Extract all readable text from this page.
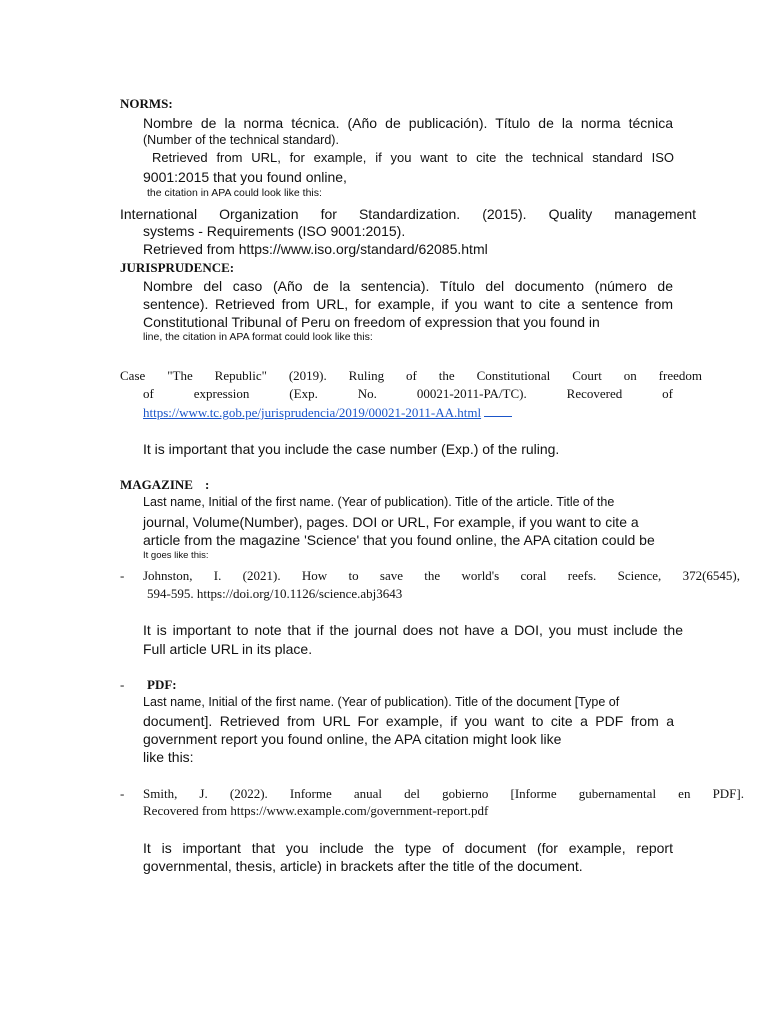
NORMS:
Nombre de la norma técnica. (Año de publicación). Título de la norma técnica
(Number of the technical standard).
Retrieved from URL, for example, if you want to cite the technical standard ISO
9001:2015 that you found online,
the citation in APA could look like this:
International Organization for Standardization. (2015). Quality management
systems - Requirements (ISO 9001:2015).
Retrieved from https://www.iso.org/standard/62085.html
JURISPRUDENCE:
Nombre del caso (Año de la sentencia). Título del documento (número de
sentence). Retrieved from URL, for example, if you want to cite a sentence from
Constitutional Tribunal of Peru on freedom of expression that you found in
line, the citation in APA format could look like this:
Case "The Republic" (2019). Ruling of the Constitutional Court on freedom
of expression (Exp. No. 00021-2011-PA/TC). Recovered of
https://www.tc.gob.pe/jurisprudencia/2019/00021-2011-AA.html
It is important that you include the case number (Exp.) of the ruling.
MAGAZINE :
Last name, Initial of the first name. (Year of publication). Title of the article. Title of the
journal, Volume(Number), pages. DOI or URL, For example, if you want to cite a
article from the magazine 'Science' that you found online, the APA citation could be
It goes like this:
- Johnston, I. (2021). How to save the world's coral reefs. Science, 372(6545),
594-595. https://doi.org/10.1126/science.abj3643
It is important to note that if the journal does not have a DOI, you must include the
Full article URL in its place.
- PDF:
Last name, Initial of the first name. (Year of publication). Title of the document [Type of
document]. Retrieved from URL For example, if you want to cite a PDF from a
government report you found online, the APA citation might look like
like this:
- Smith, J. (2022). Informe anual del gobierno [Informe gubernamental en PDF].
Recovered from https://www.example.com/government-report.pdf
It is important that you include the type of document (for example, report
governmental, thesis, article) in brackets after the title of the document.
